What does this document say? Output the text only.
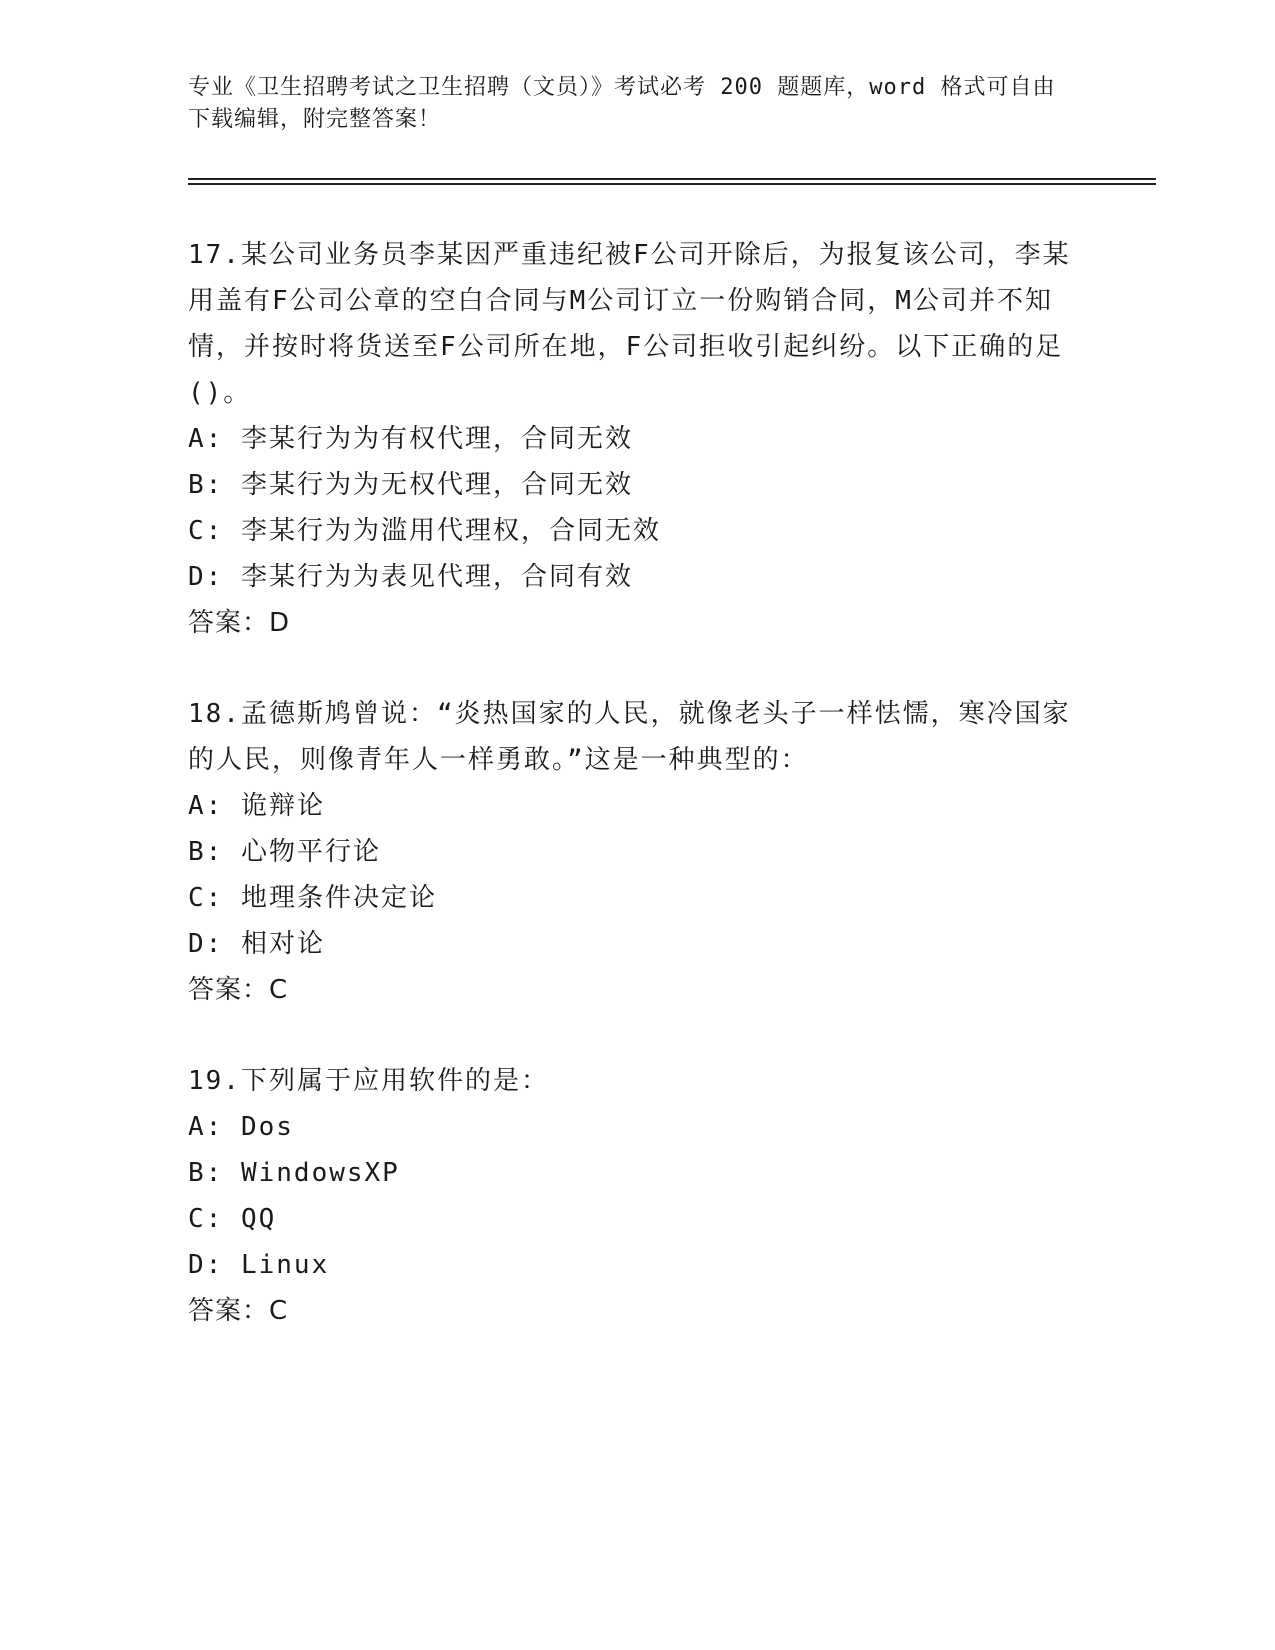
专业《卫生招聘考试之卫生招聘（文员）》考试必考 200 题题库，word 格式可自由下载编辑，附完整答案！
17.某公司业务员李某因严重违纪被F公司开除后，为报复该公司，李某用盖有F公司公章的空白合同与M公司订立一份购销合同，M公司并不知情，并按时将货送至F公司所在地，F公司拒收引起纠纷。以下正确的足()。
A: 李某行为为有权代理，合同无效
B: 李某行为为无权代理，合同无效
C: 李某行为为滥用代理权，合同无效
D: 李某行为为表见代理，合同有效
答案：D
18.孟德斯鸠曾说：“炎热国家的人民，就像老头子一样怯懦，寒冷国家的人民，则像青年人一样勇敢。”这是一种典型的：
A: 诡辩论
B: 心物平行论
C: 地理条件决定论
D: 相对论
答案：C
19.下列属于应用软件的是：
A: Dos
B: WindowsXP
C: QQ
D: Linux
答案：C
